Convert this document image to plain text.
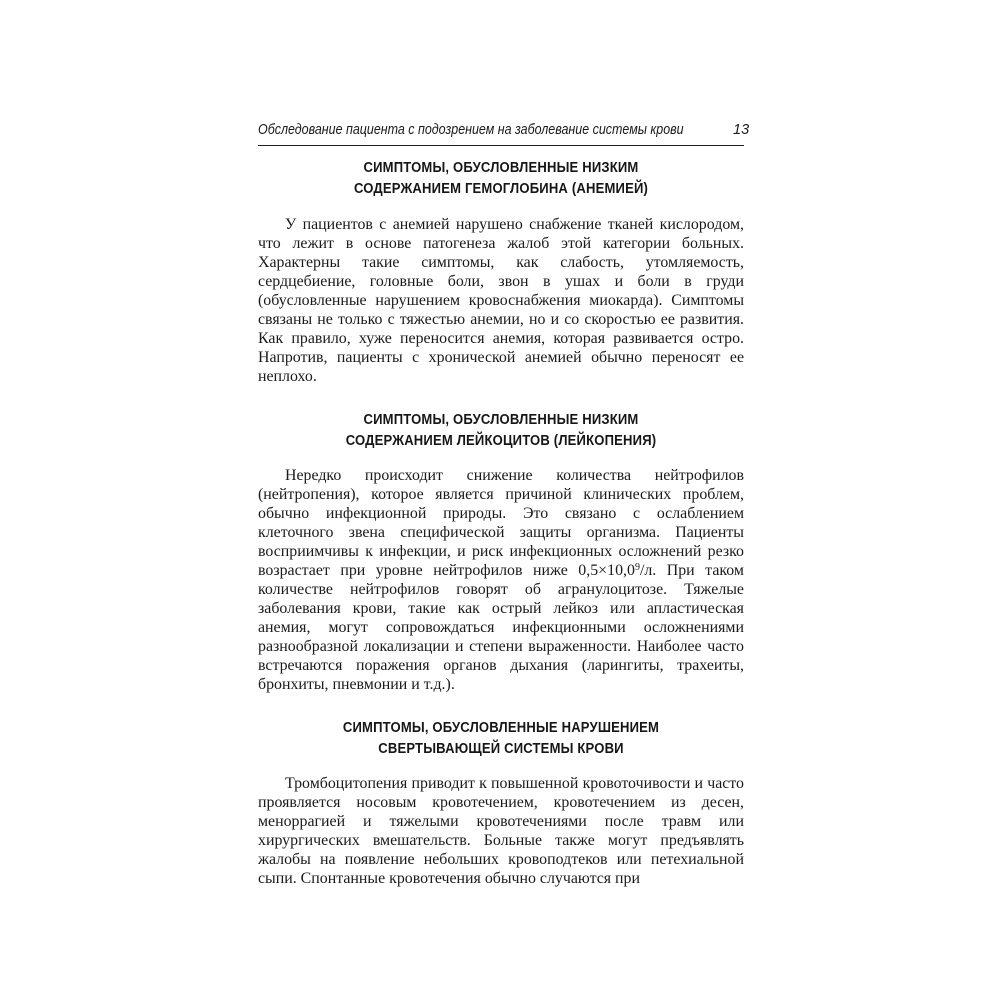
Обследование пациента с подозрением на заболевание системы крови	13
СИМПТОМЫ, ОБУСЛОВЛЕННЫЕ НИЗКИМ
СОДЕРЖАНИЕМ ГЕМОГЛОБИНА (АНЕМИЕЙ)

У пациентов с анемией нарушено снабжение тканей кислородом, что лежит в основе патогенеза жалоб этой категории больных. Характерны такие симптомы, как слабость, утомляемость, сердцебиение, головные боли, звон в ушах и боли в груди (обусловленные нарушением кровоснабжения миокарда). Симптомы связаны не только с тяжестью анемии, но и со скоростью ее развития. Как правило, хуже переносится анемия, которая развивается остро. Напротив, пациенты с хронической анемией обычно переносят ее неплохо.

СИМПТОМЫ, ОБУСЛОВЛЕННЫЕ НИЗКИМ
СОДЕРЖАНИЕМ ЛЕЙКОЦИТОВ (ЛЕЙКОПЕНИЯ)

Нередко происходит снижение количества нейтрофилов (нейтропения), которое является причиной клинических проблем, обычно инфекционной природы. Это связано с ослаблением клеточного звена специфической защиты организма. Пациенты восприимчивы к инфекции, и риск инфекционных осложнений резко возрастает при уровне нейтрофилов ниже $0,5\times 10,0^9/л$. При таком количестве нейтрофилов говорят об агранулоцитозе. Тяжелые заболевания крови, такие как острый лейкоз или апластическая анемия, могут сопровождаться инфекционными осложнениями разнообразной локализации и степени выраженности. Наиболее часто встречаются поражения органов дыхания (ларингиты, трахеиты, бронхиты, пневмонии и т.д.).

СИМПТОМЫ, ОБУСЛОВЛЕННЫЕ НАРУШЕНИЕМ
СВЕРТЫВАЮЩЕЙ СИСТЕМЫ КРОВИ

Тромбоцитопения приводит к повышенной кровоточивости и часто проявляется носовым кровотечением, кровотечением из десен, меноррагией и тяжелыми кровотечениями после травм или хирургических вмешательств. Больные также могут предъявлять жалобы на появление небольших кровоподтеков или петехиальной сыпи. Спонтанные кровотечения обычно случаются при
